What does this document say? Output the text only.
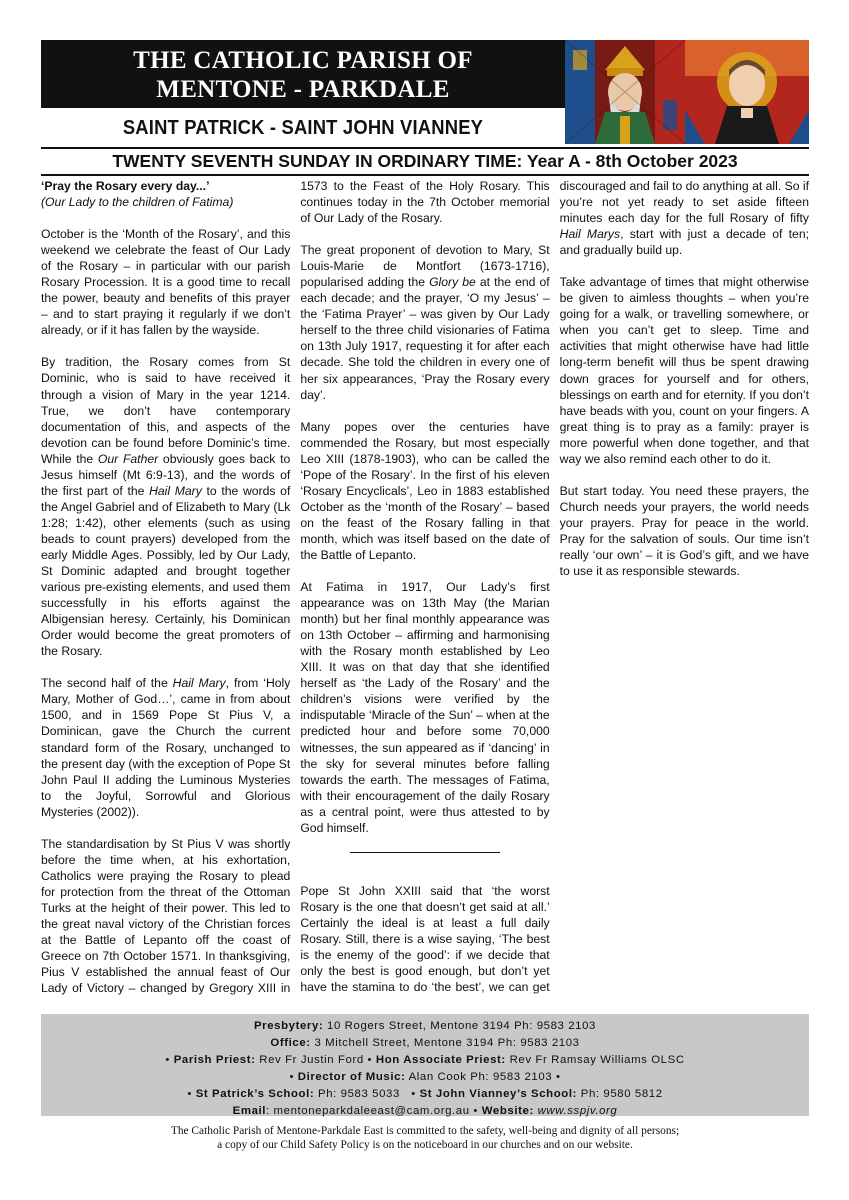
THE CATHOLIC PARISH OF
MENTONE - PARKDALE
SAINT PATRICK - SAINT JOHN VIANNEY
TWENTY SEVENTH SUNDAY IN ORDINARY TIME: Year A - 8th October 2023
‘Pray the Rosary every day...’

(Our Lady to the children of Fatima)

October is the ‘Month of the Rosary’, and this weekend we celebrate the feast of Our Lady of the Rosary – in particular with our parish Rosary Procession. It is a good time to recall the power, beauty and benefits of this prayer – and to start praying it regularly if we don’t already, or if it has fallen by the wayside.

By tradition, the Rosary comes from St Dominic, who is said to have received it through a vision of Mary in the year 1214. True, we don’t have contemporary documentation of this, and aspects of the devotion can be found before Dominic’s time. While the Our Father obviously goes back to Jesus himself (Mt 6:9-13), and the words of the first part of the Hail Mary to the words of the Angel Gabriel and of Elizabeth to Mary (Lk 1:28; 1:42), other elements (such as using beads to count prayers) developed from the early Middle Ages. Possibly, led by Our Lady, St Dominic adapted and brought together various pre-existing elements, and used them successfully in his efforts against the Albigensian heresy. Certainly, his Dominican Order would become the great promoters of the Rosary.

The second half of the Hail Mary, from ‘Holy Mary, Mother of God…’, came in from about 1500, and in 1569 Pope St Pius V, a Dominican, gave the Church the current standard form of the Rosary, unchanged to the present day (with the exception of Pope St John Paul II adding the Luminous Mysteries to the Joyful, Sorrowful and Glorious Mysteries (2002)).

The standardisation by St Pius V was shortly before the time when, at his exhortation, Catholics were praying the Rosary to plead for protection from the threat of the Ottoman Turks at the height of their power. This led to the great naval victory of the Christian forces at the Battle of Lepanto off the coast of Greece on 7th October 1571. In thanksgiving, Pius V established the annual feast of Our Lady of Victory – changed by Gregory XIII in 1573 to the Feast of the Holy Rosary. This continues today in the 7th October memorial of Our Lady of the Rosary.

The great proponent of devotion to Mary, St Louis-Marie de Montfort (1673-1716), popularised adding the Glory be at the end of each decade; and the prayer, ‘O my Jesus’ – the ‘Fatima Prayer’ – was given by Our Lady herself to the three child visionaries of Fatima on 13th July 1917, requesting it for after each decade. She told the children in every one of her six appearances, ‘Pray the Rosary every day’.

Many popes over the centuries have commended the Rosary, but most especially Leo XIII (1878-1903), who can be called the ‘Pope of the Rosary’. In the first of his eleven ‘Rosary Encyclicals’, Leo in 1883 established October as the ‘month of the Rosary’ – based on the feast of the Rosary falling in that month, which was itself based on the date of the Battle of Lepanto.

At Fatima in 1917, Our Lady’s first appearance was on 13th May (the Marian month) but her final monthly appearance was on 13th October – affirming and harmonising with the Rosary month established by Leo XIII. It was on that day that she identified herself as ‘the Lady of the Rosary’ and the children’s visions were verified by the indisputable ‘Miracle of the Sun’ – when at the predicted hour and before some 70,000 witnesses, the sun appeared as if ‘dancing’ in the sky for several minutes before falling towards the earth. The messages of Fatima, with their encouragement of the daily Rosary as a central point, were thus attested to by God himself.

Pope St John XXIII said that ‘the worst Rosary is the one that doesn’t get said at all.’ Certainly the ideal is at least a full daily Rosary. Still, there is a wise saying, ‘The best is the enemy of the good’: if we decide that only the best is good enough, but don’t yet have the stamina to do ‘the best’, we can get discouraged and fail to do anything at all. So if you’re not yet ready to set aside fifteen minutes each day for the full Rosary of fifty Hail Marys, start with just a decade of ten; and gradually build up.

Take advantage of times that might otherwise be given to aimless thoughts – when you’re going for a walk, or travelling somewhere, or when you can’t get to sleep. Time and activities that might otherwise have had little long-term benefit will thus be spent drawing down graces for yourself and for others, blessings on earth and for eternity. If you don’t have beads with you, count on your fingers. A great thing is to pray as a family: prayer is more powerful when done together, and that way we also remind each other to do it.

But start today. You need these prayers, the Church needs your prayers, the world needs your prayers. Pray for peace in the world. Pray for the salvation of souls. Our time isn’t really ‘our own’ – it is God’s gift, and we have to use it as responsible stewards.

Presbytery: 10 Rogers Street, Mentone 3194 Ph: 9583 2103
Office: 3 Mitchell Street, Mentone 3194 Ph: 9583 2103
• Parish Priest: Rev Fr Justin Ford • Hon Associate Priest: Rev Fr Ramsay Williams OLSC
• Director of Music: Alan Cook Ph: 9583 2103 •
• St Patrick’s School: Ph: 9583 5033 • St John Vianney’s School: Ph: 9580 5812
Email: mentoneparkdaleeast@cam.org.au • Website: www.sspjv.org
The Catholic Parish of Mentone-Parkdale East is committed to the safety, well-being and dignity of all persons;
a copy of our Child Safety Policy is on the noticeboard in our churches and on our website.
